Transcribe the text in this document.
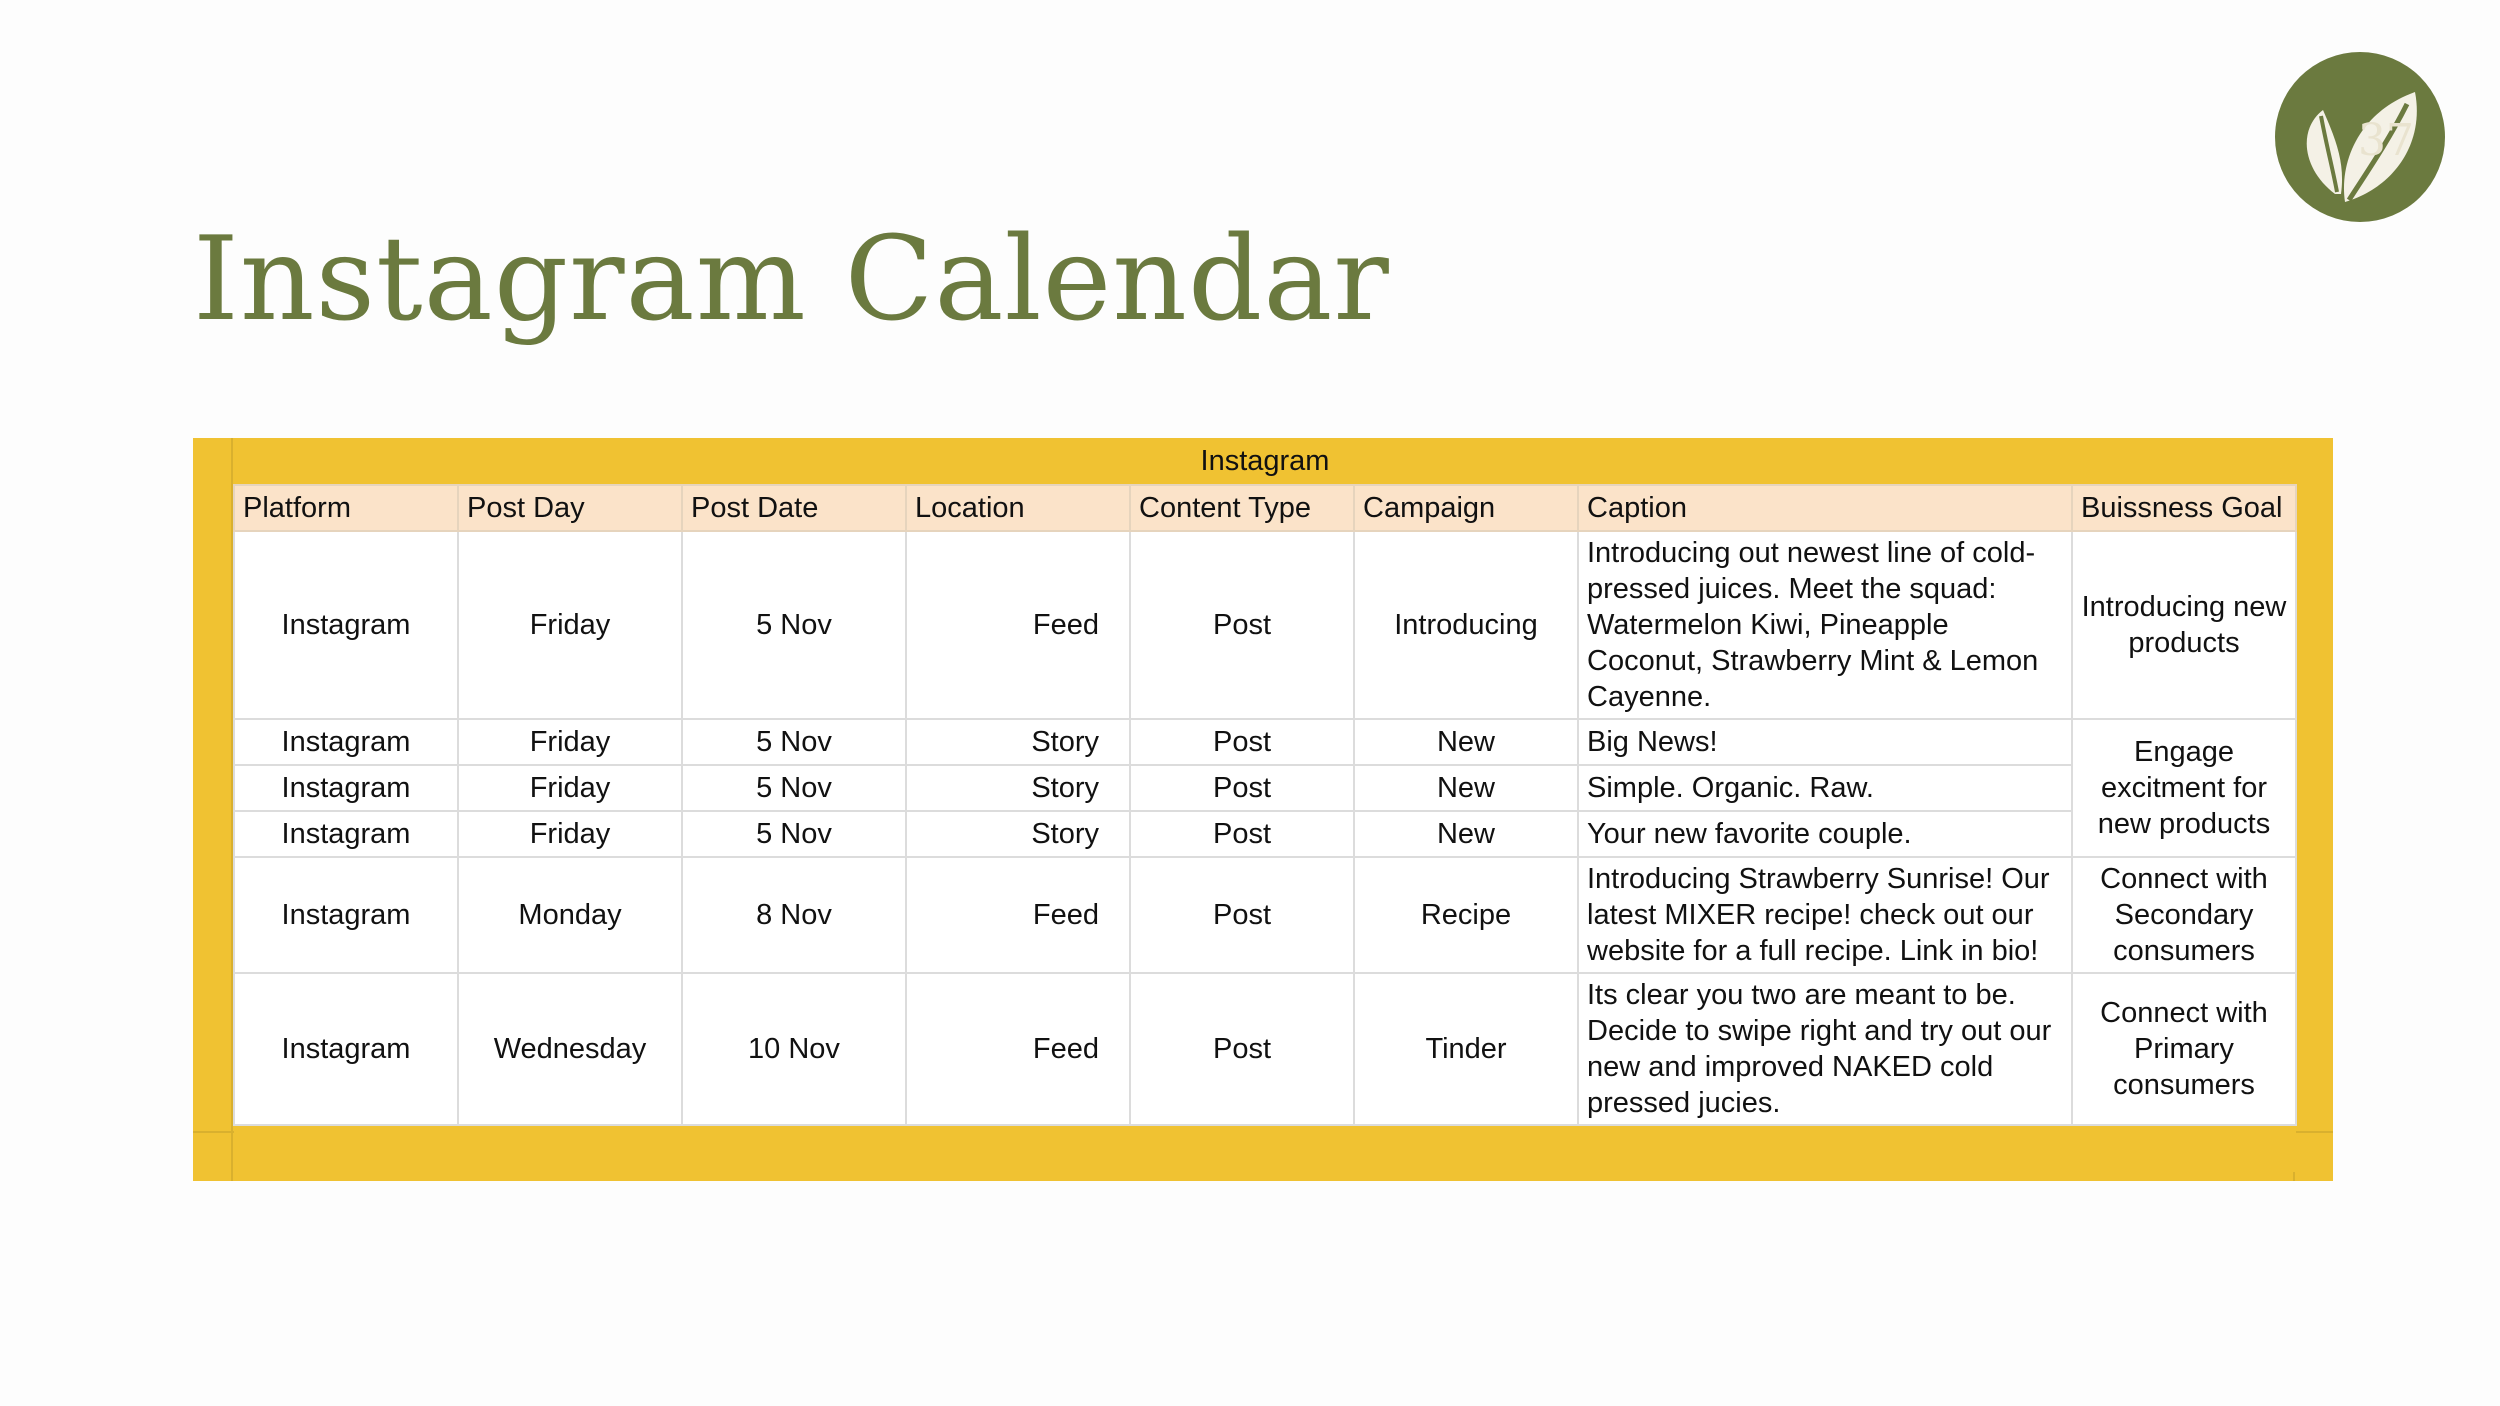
Instagram Calendar
37
Instagram							
Platform	Post Day	Post Date	Location	Content Type	Campaign	Caption	Buissness Goal
Instagram	Friday	5 Nov	Feed	Post	Introducing	Introducing out newest line of cold-pressed juices. Meet the squad: Watermelon Kiwi, Pineapple Coconut, Strawberry Mint & Lemon Cayenne.	Introducing new products
Instagram	Friday	5 Nov	Story	Post	New	Big News!	Engage excitment for new products
Instagram	Friday	5 Nov	Story	Post	New	Simple. Organic. Raw.	
Instagram	Friday	5 Nov	Story	Post	New	Your new favorite couple.	
Instagram	Monday	8 Nov	Feed	Post	Recipe	Introducing Strawberry Sunrise! Our latest MIXER recipe! check out our website for a full recipe. Link in bio!	Connect with Secondary consumers
Instagram	Wednesday	10 Nov	Feed	Post	Tinder	Its clear you two are meant to be. Decide to swipe right and try out our new and improved NAKED cold pressed jucies.	Connect with Primary consumers
